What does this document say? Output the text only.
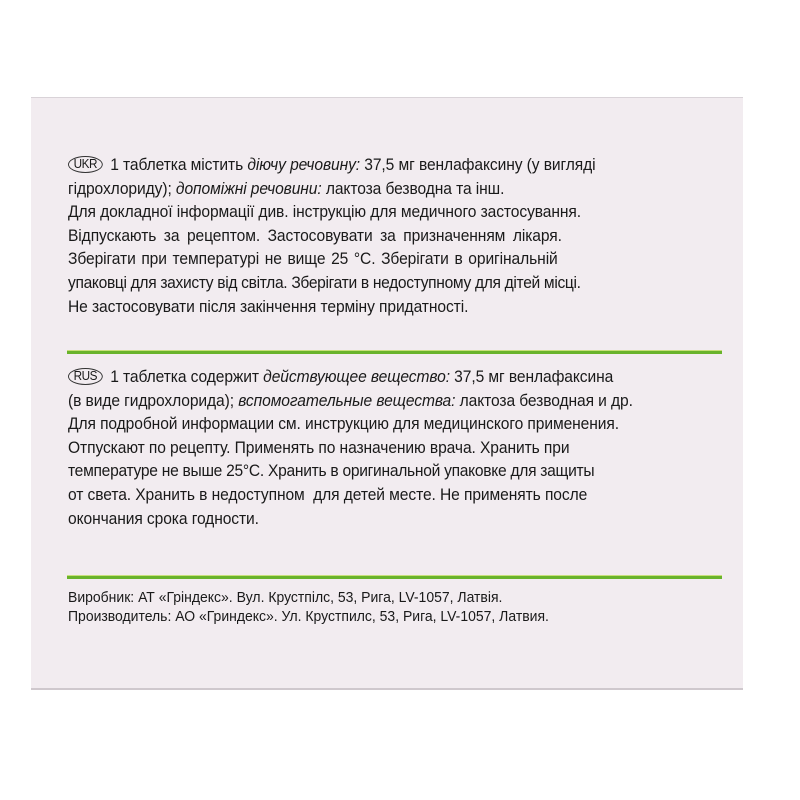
UKR 1 таблетка містить діючу речовину: 37,5 мг венлафаксину (у вигляді
гідрохлориду); допоміжні речовини: лактоза безводна та інш.
Для докладної інформації див. інструкцію для медичного застосування.
Відпускають за рецептом. Застосовувати за призначенням лікаря.
Зберігати при температурі не вище 25 °C. Зберігати в оригінальній
упаковці для захисту від світла. Зберігати в недоступному для дітей місці.
Не застосовувати після закінчення терміну придатності.
RUS 1 таблетка содержит действующее вещество: 37,5 мг венлафаксина
(в виде гидрохлорида); вспомогательные вещества: лактоза безводная и др.
Для подробной информации см. инструкцию для медицинского применения.
Отпускают по рецепту. Применять по назначению врача. Хранить при
температуре не выше 25°C. Хранить в оригинальной упаковке для защиты
от света. Хранить в недоступном  для детей месте. Не применять после
окончания срока годности.
Виробник: АТ «Гріндекс». Вул. Крустпілс, 53, Рига, LV-1057, Латвія.
Производитель: АО «Гриндекс». Ул. Крустпилс, 53, Рига, LV-1057, Латвия.
